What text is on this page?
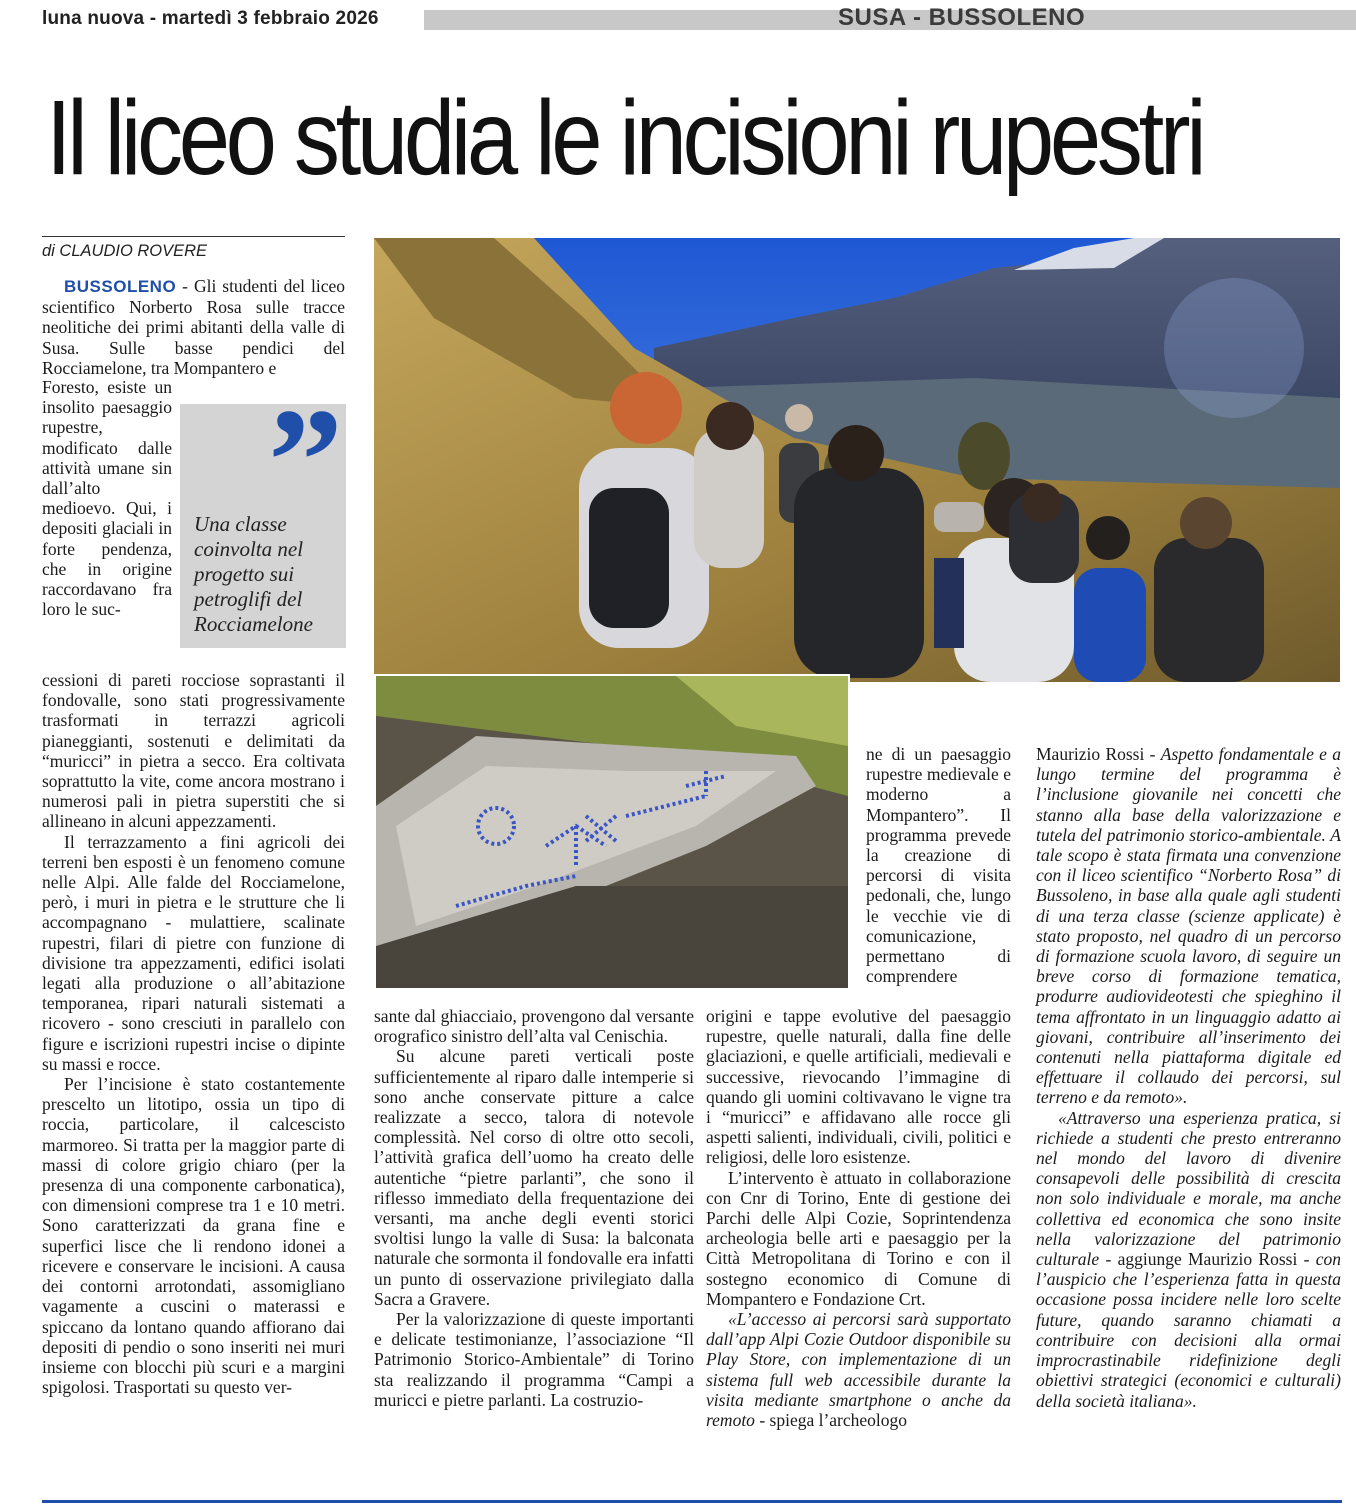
luna nuova - martedì 3 febbraio 2026	SUSA - BUSSOLENO
Il liceo studia le incisioni rupestri
di CLAUDIO ROVERE
”
Una classe coinvolta nel progetto sui petroglifi del Rocciamelone

BUSSOLENO - Gli studenti del liceo scientifico Norberto Rosa sulle tracce neolitiche dei primi abitanti della valle di Susa. Sulle basse pendici del Rocciamelone, tra Mompantero e

Foresto, esiste un insolito paesaggio rupestre, modificato dalle attività umane sin dall’alto medioevo. Qui, i depositi glaciali in forte pendenza, che in origine raccordavano fra loro le suc-

cessioni di pareti rocciose soprastanti il fondovalle, sono stati progressivamente trasformati in terrazzi agricoli pianeggianti, sostenuti e delimitati da “muricci” in pietra a secco. Era coltivata soprattutto la vite, come ancora mostrano i numerosi pali in pietra superstiti che si allineano in alcuni appezzamenti.

Il terrazzamento a fini agricoli dei terreni ben esposti è un fenomeno comune nelle Alpi. Alle falde del Rocciamelone, però, i muri in pietra e le strutture che li accompagnano - mulattiere, scalinate rupestri, filari di pietre con funzione di divisione tra appezzamenti, edifici isolati legati alla produzione o all’abitazione temporanea, ripari naturali sistemati a ricovero - sono cresciuti in parallelo con figure e iscrizioni rupestri incise o dipinte su massi e rocce.

Per l’incisione è stato costantemente prescelto un litotipo, ossia un tipo di roccia, particolare, il calcescisto marmoreo. Si tratta per la maggior parte di massi di colore grigio chiaro (per la presenza di una componente carbonatica), con dimensioni comprese tra 1 e 10 metri. Sono caratterizzati da grana fine e superfici lisce che li rendono idonei a ricevere e conservare le incisioni. A causa dei contorni arrotondati, assomigliano vagamente a cuscini o materassi e spiccano da lontano quando affiorano dai depositi di pendio o sono inseriti nei muri insieme con blocchi più scuri e a margini spigolosi. Trasportati su questo ver-

sante dal ghiacciaio, provengono dal versante orografico sinistro dell’alta val Cenischia.

Su alcune pareti verticali poste sufficientemente al riparo dalle intemperie si sono anche conservate pitture a calce realizzate a secco, talora di notevole complessità. Nel corso di oltre otto secoli, l’attività grafica dell’uomo ha creato delle autentiche “pietre parlanti”, che sono il riflesso immediato della frequentazione dei versanti, ma anche degli eventi storici svoltisi lungo la valle di Susa: la balconata naturale che sormonta il fondovalle era infatti un punto di osservazione privilegiato dalla Sacra a Gravere.

Per la valorizzazione di queste importanti e delicate testimonianze, l’associazione “Il Patrimonio Storico-Ambientale” di Torino sta realizzando il programma “Campi a muricci e pietre parlanti. La costruzio-

ne di un paesaggio rupestre medievale e moderno a Mompantero”. Il programma prevede la creazione di percorsi di visita pedonali, che, lungo le vecchie vie di comunicazione, permettano di comprendere

origini e tappe evolutive del paesaggio rupestre, quelle naturali, dalla fine delle glaciazioni, e quelle artificiali, medievali e successive, rievocando l’immagine di quando gli uomini coltivavano le vigne tra i “muricci” e affidavano alle rocce gli aspetti salienti, individuali, civili, politici e religiosi, delle loro esistenze.

L’intervento è attuato in collaborazione con Cnr di Torino, Ente di gestione dei Parchi delle Alpi Cozie, Soprintendenza archeologia belle arti e paesaggio per la Città Metropolitana di Torino e con il sostegno economico di Comune di Mompantero e Fondazione Crt.

«L’accesso ai percorsi sarà supportato dall’app Alpi Cozie Outdoor disponibile su Play Store, con implementazione di un sistema full web accessibile durante la visita mediante smartphone o anche da remoto - spiega l’archeologo

Maurizio Rossi - Aspetto fondamentale e a lungo termine del programma è l’inclusione giovanile nei concetti che stanno alla base della valorizzazione e tutela del patrimonio storico-ambientale. A tale scopo è stata firmata una convenzione con il liceo scientifico “Norberto Rosa” di Bussoleno, in base alla quale agli studenti di una terza classe (scienze applicate) è stato proposto, nel quadro di un percorso di formazione scuola lavoro, di seguire un breve corso di formazione tematica, produrre audiovideotesti che spieghino il tema affrontato in un linguaggio adatto ai giovani, contribuire all’inserimento dei contenuti nella piattaforma digitale ed effettuare il collaudo dei percorsi, sul terreno e da remoto».

«Attraverso una esperienza pratica, si richiede a studenti che presto entreranno nel mondo del lavoro di divenire consapevoli delle possibilità di crescita non solo individuale e morale, ma anche collettiva ed economica che sono insite nella valorizzazione del patrimonio culturale - aggiunge Maurizio Rossi - con l’auspicio che l’esperienza fatta in questa occasione possa incidere nelle loro scelte future, quando saranno chiamati a contribuire con decisioni alla ormai improcrastinabile ridefinizione degli obiettivi strategici (economici e culturali) della società italiana».
